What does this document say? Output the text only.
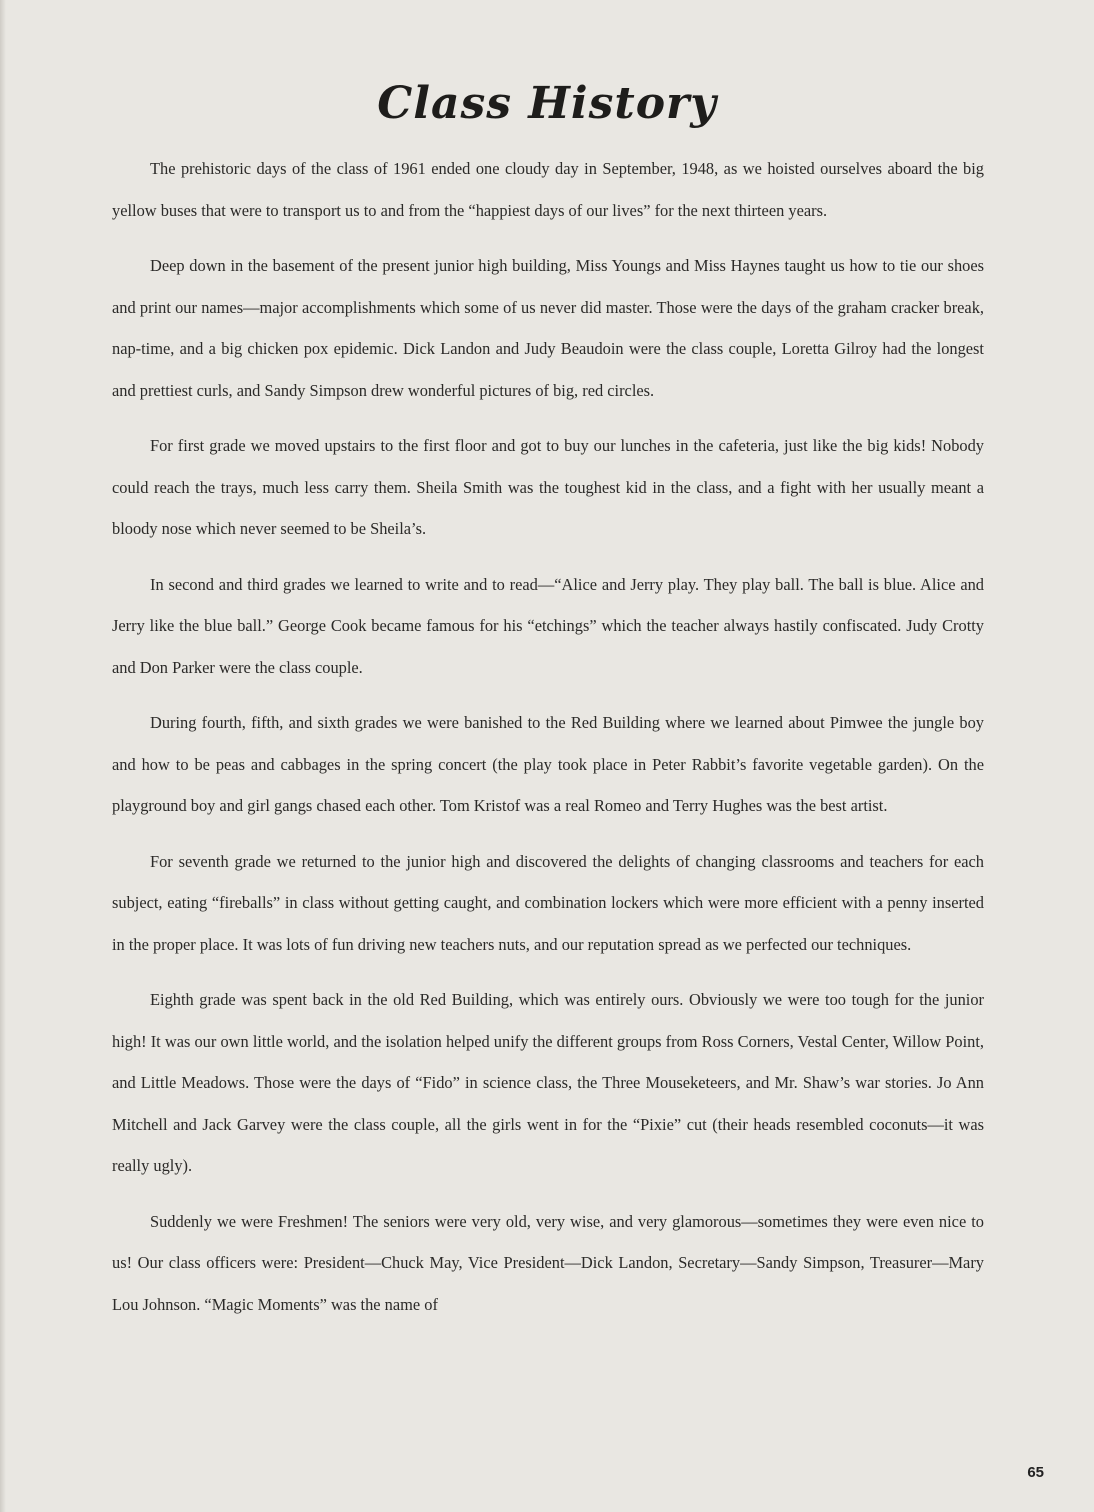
Class History

The prehistoric days of the class of 1961 ended one cloudy day in September, 1948, as we hoisted ourselves aboard the big yellow buses that were to transport us to and from the “happiest days of our lives” for the next thirteen years.

Deep down in the basement of the present junior high building, Miss Youngs and Miss Haynes taught us how to tie our shoes and print our names—major accomplishments which some of us never did master. Those were the days of the graham cracker break, nap-time, and a big chicken pox epidemic. Dick Landon and Judy Beaudoin were the class couple, Loretta Gilroy had the longest and prettiest curls, and Sandy Simpson drew wonderful pictures of big, red circles.

For first grade we moved upstairs to the first floor and got to buy our lunches in the cafeteria, just like the big kids! Nobody could reach the trays, much less carry them. Sheila Smith was the toughest kid in the class, and a fight with her usually meant a bloody nose which never seemed to be Sheila’s.

In second and third grades we learned to write and to read—“Alice and Jerry play. They play ball. The ball is blue. Alice and Jerry like the blue ball.” George Cook became famous for his “etchings” which the teacher always hastily confiscated. Judy Crotty and Don Parker were the class couple.

During fourth, fifth, and sixth grades we were banished to the Red Building where we learned about Pimwee the jungle boy and how to be peas and cabbages in the spring concert (the play took place in Peter Rabbit’s favorite vegetable garden). On the playground boy and girl gangs chased each other. Tom Kristof was a real Romeo and Terry Hughes was the best artist.

For seventh grade we returned to the junior high and discovered the delights of changing classrooms and teachers for each subject, eating “fireballs” in class without getting caught, and combination lockers which were more efficient with a penny inserted in the proper place. It was lots of fun driving new teachers nuts, and our reputation spread as we perfected our techniques.

Eighth grade was spent back in the old Red Building, which was entirely ours. Obviously we were too tough for the junior high! It was our own little world, and the isolation helped unify the different groups from Ross Corners, Vestal Center, Willow Point, and Little Meadows. Those were the days of “Fido” in science class, the Three Mouseketeers, and Mr. Shaw’s war stories. Jo Ann Mitchell and Jack Garvey were the class couple, all the girls went in for the “Pixie” cut (their heads resembled coconuts—it was really ugly).

Suddenly we were Freshmen! The seniors were very old, very wise, and very glamorous—sometimes they were even nice to us! Our class officers were: President—Chuck May, Vice President—Dick Landon, Secretary—Sandy Simpson, Treasurer—Mary Lou Johnson. “Magic Moments” was the name of

65
